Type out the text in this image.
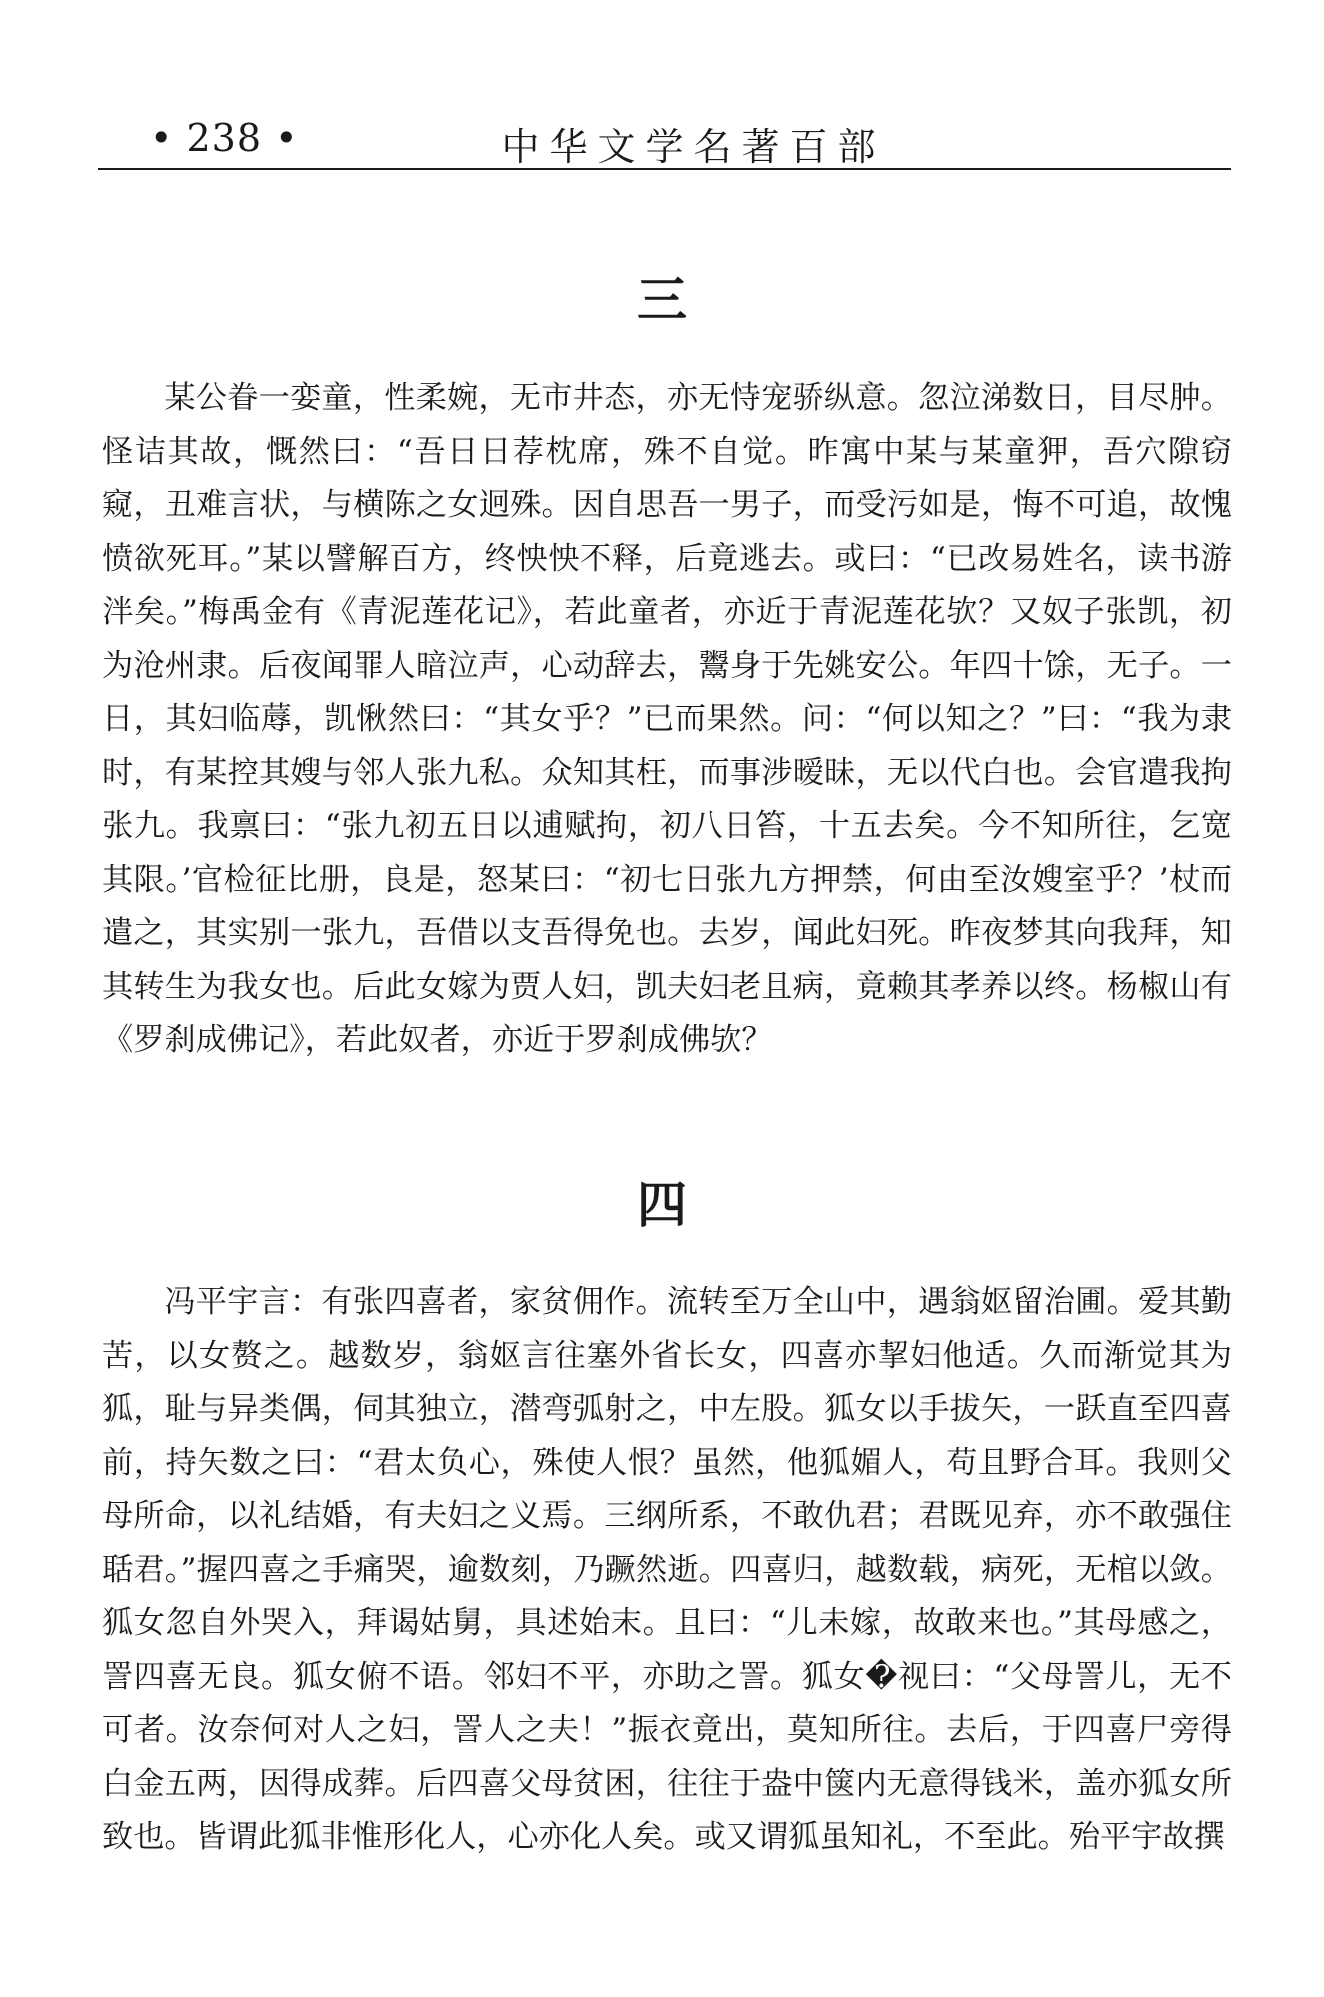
• 238 •	中华文学名著百部
三

某公眷一娈童，性柔婉，无市井态，亦无恃宠骄纵意。忽泣涕数日，目尽肿。怪诘其故，慨然曰：“吾日日荐枕席，殊不自觉。昨寓中某与某童狎，吾穴隙窃窥，丑难言状，与横陈之女迥殊。因自思吾一男子，而受污如是，悔不可追，故愧愤欲死耳。”某以譬解百方，终怏怏不释，后竟逃去。或曰：“已改易姓名，读书游泮矣。”梅禹金有《青泥莲花记》，若此童者，亦近于青泥莲花欤？又奴子张凯，初为沧州隶。后夜闻罪人暗泣声，心动辞去，鬻身于先姚安公。年四十馀，无子。一日，其妇临蓐，凯愀然曰：“其女乎？”已而果然。问：“何以知之？”曰：“我为隶时，有某控其嫂与邻人张九私。众知其枉，而事涉暧昧，无以代白也。会官遣我拘张九。我禀曰：“张九初五日以逋赋拘，初八日笞，十五去矣。今不知所往，乞宽其限。’官检征比册，良是，怒某曰：“初七日张九方押禁，何由至汝嫂室乎？’杖而遣之，其实别一张九，吾借以支吾得免也。去岁，闻此妇死。昨夜梦其向我拜，知其转生为我女也。后此女嫁为贾人妇，凯夫妇老且病，竟赖其孝养以终。杨椒山有《罗刹成佛记》，若此奴者，亦近于罗刹成佛欤？

四

冯平宇言：有张四喜者，家贫佣作。流转至万全山中，遇翁妪留治圃。爱其勤苦，以女赘之。越数岁，翁妪言往塞外省长女，四喜亦挈妇他适。久而渐觉其为狐，耻与异类偶，伺其独立，潜弯弧射之，中左股。狐女以手拔矢，一跃直至四喜前，持矢数之曰：“君太负心，殊使人恨？虽然，他狐媚人，苟且野合耳。我则父母所命，以礼结婚，有夫妇之义焉。三纲所系，不敢仇君；君既见弃，亦不敢强住聒君。”握四喜之手痛哭，逾数刻，乃蹶然逝。四喜归，越数载，病死，无棺以敛。狐女忽自外哭入，拜谒姑舅，具述始末。且曰：“儿未嫁，故敢来也。”其母感之，詈四喜无良。狐女俯不语。邻妇不平，亦助之詈。狐女�视曰：“父母詈儿，无不可者。汝奈何对人之妇，詈人之夫！”振衣竟出，莫知所往。去后，于四喜尸旁得白金五两，因得成葬。后四喜父母贫困，往往于盎中箧内无意得钱米，盖亦狐女所致也。皆谓此狐非惟形化人，心亦化人矣。或又谓狐虽知礼，不至此。殆平宇故撰
